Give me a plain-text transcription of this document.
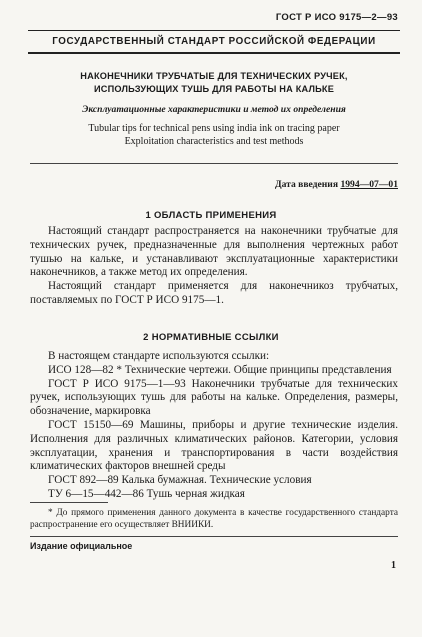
ГОСТ Р ИСО 9175—2—93
ГОСУДАРСТВЕННЫЙ СТАНДАРТ РОССИЙСКОЙ ФЕДЕРАЦИИ
НАКОНЕЧНИКИ ТРУБЧАТЫЕ ДЛЯ ТЕХНИЧЕСКИХ РУЧЕК,
ИСПОЛЬЗУЮЩИХ ТУШЬ ДЛЯ РАБОТЫ НА КАЛЬКЕ
Эксплуатационные характеристики и метод их определения
Tubular tips for technical pens using india ink on tracing paper
Exploitation characteristics and test methods
Дата введения 1994—07—01
1 ОБЛАСТЬ ПРИМЕНЕНИЯ

Настоящий стандарт распространяется на наконечники трубчатые для технических ручек, предназначенные для выполнения чертежных работ тушью на кальке, и устанавливают эксплуатационные характеристики наконечников, а также метод их определения.

Настоящий стандарт применяется для наконечникоз трубчатых, поставляемых по ГОСТ Р ИСО 9175—1.

2 НОРМАТИВНЫЕ ССЫЛКИ

В настоящем стандарте используются ссылки:

ИСО 128—82 * Технические чертежи. Общие принципы представления

ГОСТ Р ИСО 9175—1—93 Наконечники трубчатые для технических ручек, использующих тушь для работы на кальке. Определения, размеры, обозначение, маркировка

ГОСТ 15150—69 Машины, приборы и другие технические изделия. Исполнения для различных климатических районов. Категории, условия эксплуатации, хранения и транспортирования в части воздействия климатических факторов внешней среды

ГОСТ 892—89 Калька бумажная. Технические условия

ТУ 6—15—442—86 Тушь черная жидкая

* До прямого применения данного документа в качестве государственного стандарта распространение его осуществляет ВНИИКИ.

Издание официальное
1
